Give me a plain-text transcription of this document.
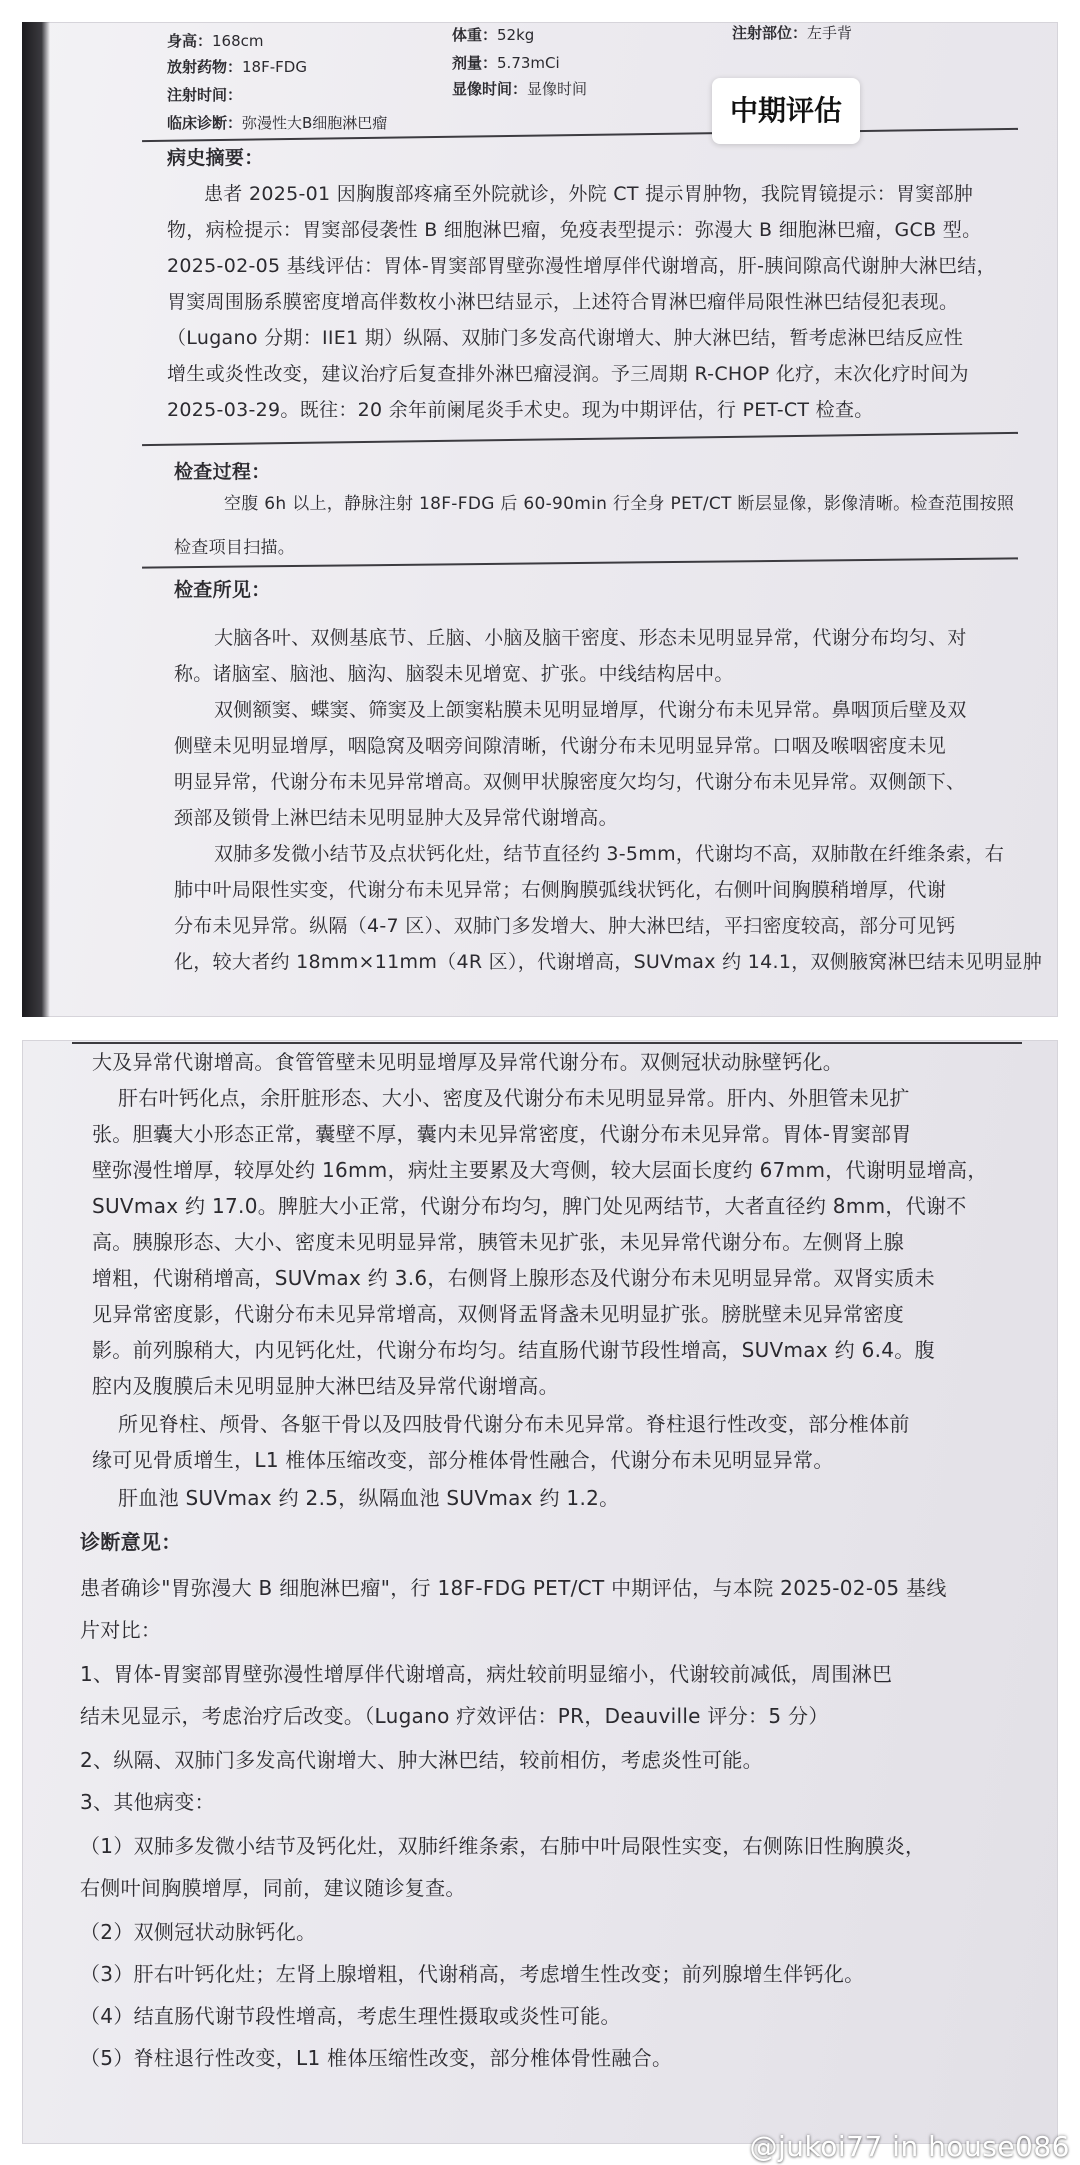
身高：168cm	体重：52kg	注射部位：左手背
放射药物：18F-FDG	剂量：5.73mCi
注射时间：	显像时间：显像时间
临床诊断：弥漫性大B细胞淋巴瘤
病史摘要：
患者 2025-01 因胸腹部疼痛至外院就诊，外院 CT 提示胃肿物，我院胃镜提示：胃窦部肿
物，病检提示：胃窦部侵袭性 B 细胞淋巴瘤，免疫表型提示：弥漫大 B 细胞淋巴瘤，GCB 型。
2025-02-05 基线评估：胃体-胃窦部胃壁弥漫性增厚伴代谢增高，肝-胰间隙高代谢肿大淋巴结，
胃窦周围肠系膜密度增高伴数枚小淋巴结显示，上述符合胃淋巴瘤伴局限性淋巴结侵犯表现。
（Lugano 分期：IIE1 期）纵隔、双肺门多发高代谢增大、肿大淋巴结，暂考虑淋巴结反应性
增生或炎性改变，建议治疗后复查排外淋巴瘤浸润。予三周期 R-CHOP 化疗，末次化疗时间为
2025-03-29。既往：20 余年前阑尾炎手术史。现为中期评估，行 PET-CT 检查。
检查过程：
空腹 6h 以上，静脉注射 18F-FDG 后 60-90min 行全身 PET/CT 断层显像，影像清晰。检查范围按照
检查项目扫描。
检查所见：
大脑各叶、双侧基底节、丘脑、小脑及脑干密度、形态未见明显异常，代谢分布均匀、对
称。诸脑室、脑池、脑沟、脑裂未见增宽、扩张。中线结构居中。
双侧额窦、蝶窦、筛窦及上颌窦粘膜未见明显增厚，代谢分布未见异常。鼻咽顶后壁及双
侧壁未见明显增厚，咽隐窝及咽旁间隙清晰，代谢分布未见明显异常。口咽及喉咽密度未见
明显异常，代谢分布未见异常增高。双侧甲状腺密度欠均匀，代谢分布未见异常。双侧颌下、
颈部及锁骨上淋巴结未见明显肿大及异常代谢增高。
双肺多发微小结节及点状钙化灶，结节直径约 3-5mm，代谢均不高，双肺散在纤维条索，右
肺中叶局限性实变，代谢分布未见异常；右侧胸膜弧线状钙化，右侧叶间胸膜稍增厚，代谢
分布未见异常。纵隔（4-7 区）、双肺门多发增大、肿大淋巴结，平扫密度较高，部分可见钙
化，较大者约 18mm×11mm（4R 区），代谢增高，SUVmax 约 14.1，双侧腋窝淋巴结未见明显肿
中期评估
大及异常代谢增高。食管管壁未见明显增厚及异常代谢分布。双侧冠状动脉壁钙化。
肝右叶钙化点，余肝脏形态、大小、密度及代谢分布未见明显异常。肝内、外胆管未见扩
张。胆囊大小形态正常，囊壁不厚，囊内未见异常密度，代谢分布未见异常。胃体-胃窦部胃
壁弥漫性增厚，较厚处约 16mm，病灶主要累及大弯侧，较大层面长度约 67mm，代谢明显增高，
SUVmax 约 17.0。脾脏大小正常，代谢分布均匀，脾门处见两结节，大者直径约 8mm，代谢不
高。胰腺形态、大小、密度未见明显异常，胰管未见扩张，未见异常代谢分布。左侧肾上腺
增粗，代谢稍增高，SUVmax 约 3.6，右侧肾上腺形态及代谢分布未见明显异常。双肾实质未
见异常密度影，代谢分布未见异常增高，双侧肾盂肾盏未见明显扩张。膀胱壁未见异常密度
影。前列腺稍大，内见钙化灶，代谢分布均匀。结直肠代谢节段性增高，SUVmax 约 6.4。腹
腔内及腹膜后未见明显肿大淋巴结及异常代谢增高。
所见脊柱、颅骨、各躯干骨以及四肢骨代谢分布未见异常。脊柱退行性改变，部分椎体前
缘可见骨质增生，L1 椎体压缩改变，部分椎体骨性融合，代谢分布未见明显异常。
肝血池 SUVmax 约 2.5，纵隔血池 SUVmax 约 1.2。
诊断意见：
患者确诊"胃弥漫大 B 细胞淋巴瘤"，行 18F-FDG PET/CT 中期评估，与本院 2025-02-05 基线
片对比：
1、胃体-胃窦部胃壁弥漫性增厚伴代谢增高，病灶较前明显缩小，代谢较前减低，周围淋巴
结未见显示，考虑治疗后改变。（Lugano 疗效评估：PR，Deauville 评分：5 分）
2、纵隔、双肺门多发高代谢增大、肿大淋巴结，较前相仿，考虑炎性可能。
3、其他病变：
（1）双肺多发微小结节及钙化灶，双肺纤维条索，右肺中叶局限性实变，右侧陈旧性胸膜炎，
右侧叶间胸膜增厚，同前，建议随诊复查。
（2）双侧冠状动脉钙化。
（3）肝右叶钙化灶；左肾上腺增粗，代谢稍高，考虑增生性改变；前列腺增生伴钙化。
（4）结直肠代谢节段性增高，考虑生理性摄取或炎性可能。
（5）脊柱退行性改变，L1 椎体压缩性改变，部分椎体骨性融合。
@jukoi77 in house086
